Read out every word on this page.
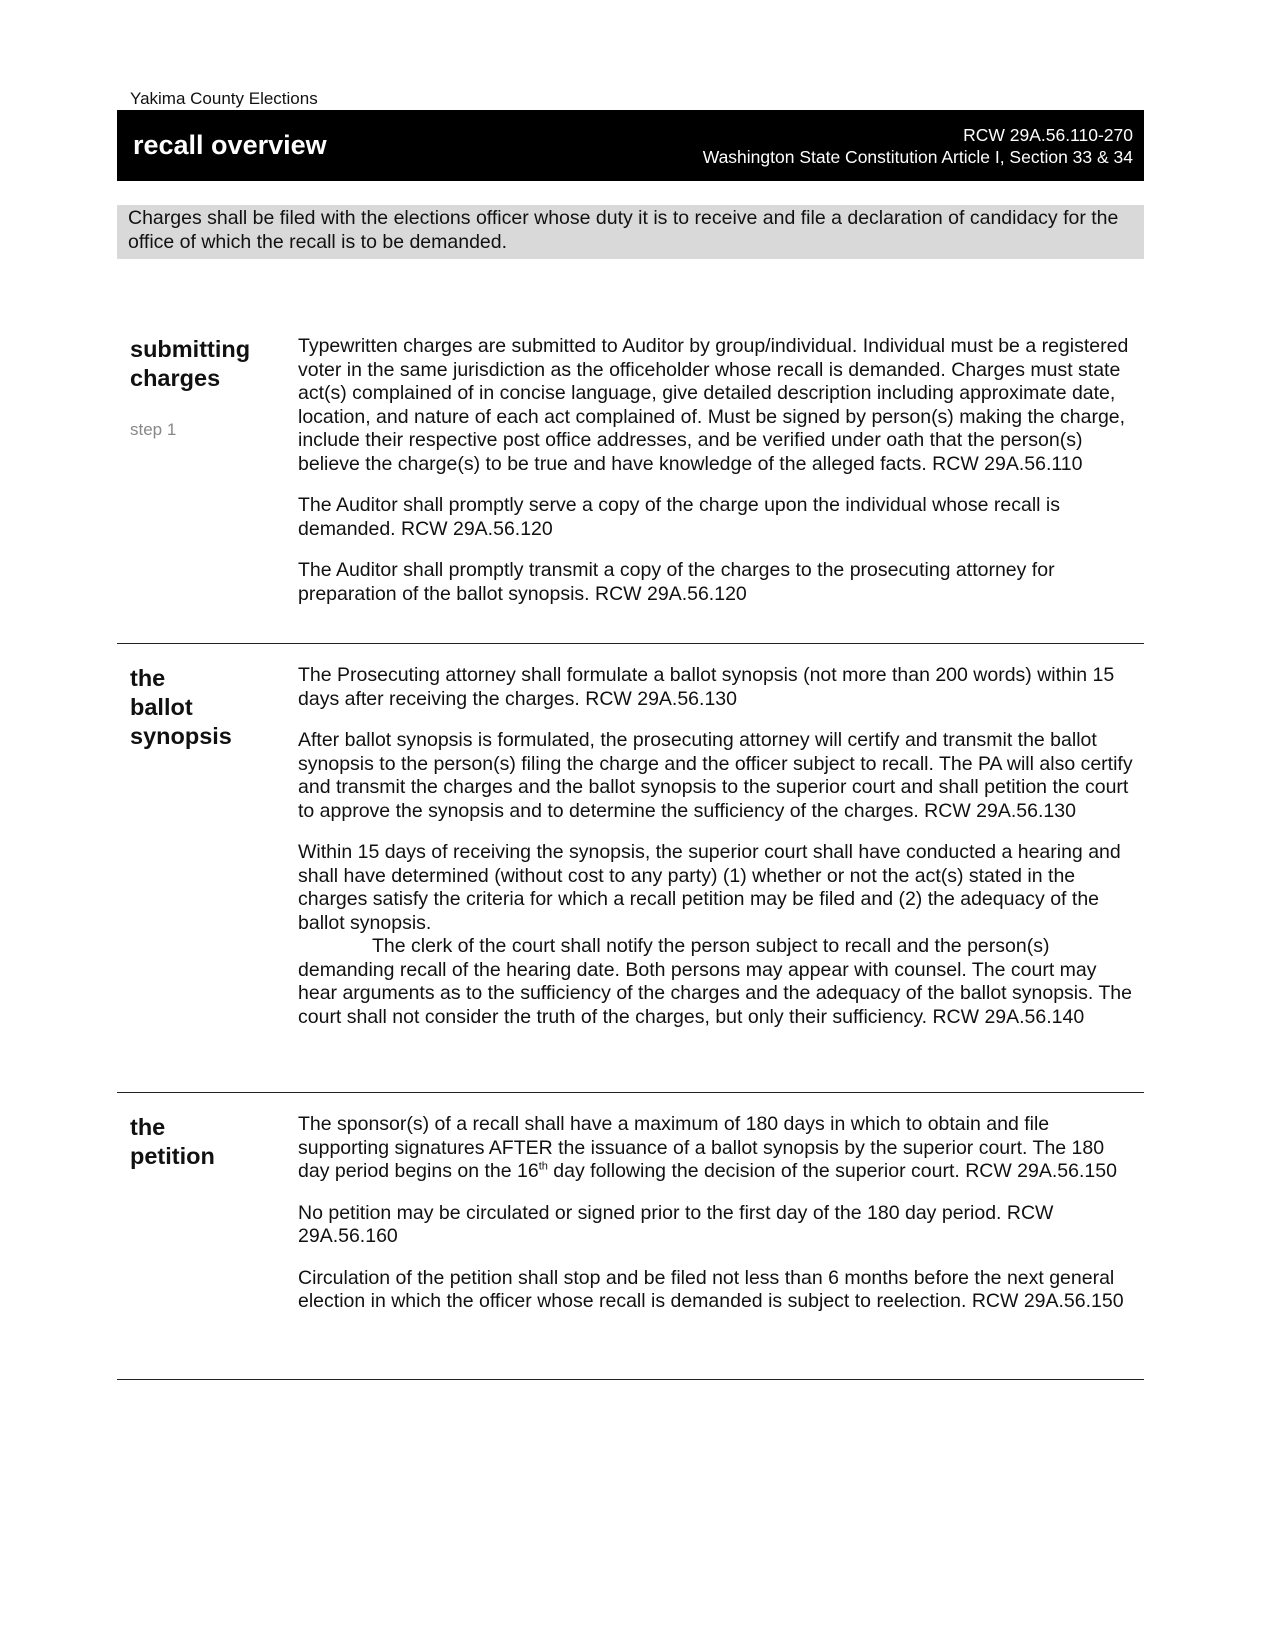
Yakima County Elections
recall overview	RCW 29A.56.110-270
Washington State Constitution Article I, Section 33 & 34
Charges shall be filed with the elections officer whose duty it is to receive and file a declaration of candidacy for the office of which the recall is to be demanded.
submitting
charges
step 1

Typewritten charges are submitted to Auditor by group/individual. Individual must be a registered voter in the same jurisdiction as the officeholder whose recall is demanded. Charges must state act(s) complained of in concise language, give detailed description including approximate date, location, and nature of each act complained of. Must be signed by person(s) making the charge, include their respective post office addresses, and be verified under oath that the person(s) believe the charge(s) to be true and have knowledge of the alleged facts. RCW 29A.56.110

The Auditor shall promptly serve a copy of the charge upon the individual whose recall is demanded. RCW 29A.56.120

The Auditor shall promptly transmit a copy of the charges to the prosecuting attorney for preparation of the ballot synopsis. RCW 29A.56.120

the
ballot
synopsis

The Prosecuting attorney shall formulate a ballot synopsis (not more than 200 words) within 15 days after receiving the charges. RCW 29A.56.130

After ballot synopsis is formulated, the prosecuting attorney will certify and transmit the ballot synopsis to the person(s) filing the charge and the officer subject to recall. The PA will also certify and transmit the charges and the ballot synopsis to the superior court and shall petition the court to approve the synopsis and to determine the sufficiency of the charges. RCW 29A.56.130

Within 15 days of receiving the synopsis, the superior court shall have conducted a hearing and shall have determined (without cost to any party) (1) whether or not the act(s) stated in the charges satisfy the criteria for which a recall petition may be filed and (2) the adequacy of the ballot synopsis.

The clerk of the court shall notify the person subject to recall and the person(s) demanding recall of the hearing date. Both persons may appear with counsel. The court may hear arguments as to the sufficiency of the charges and the adequacy of the ballot synopsis. The court shall not consider the truth of the charges, but only their sufficiency. RCW 29A.56.140

the
petition

The sponsor(s) of a recall shall have a maximum of 180 days in which to obtain and file supporting signatures AFTER the issuance of a ballot synopsis by the superior court. The 180 day period begins on the 16th day following the decision of the superior court. RCW 29A.56.150

No petition may be circulated or signed prior to the first day of the 180 day period. RCW 29A.56.160

Circulation of the petition shall stop and be filed not less than 6 months before the next general election in which the officer whose recall is demanded is subject to reelection. RCW 29A.56.150
